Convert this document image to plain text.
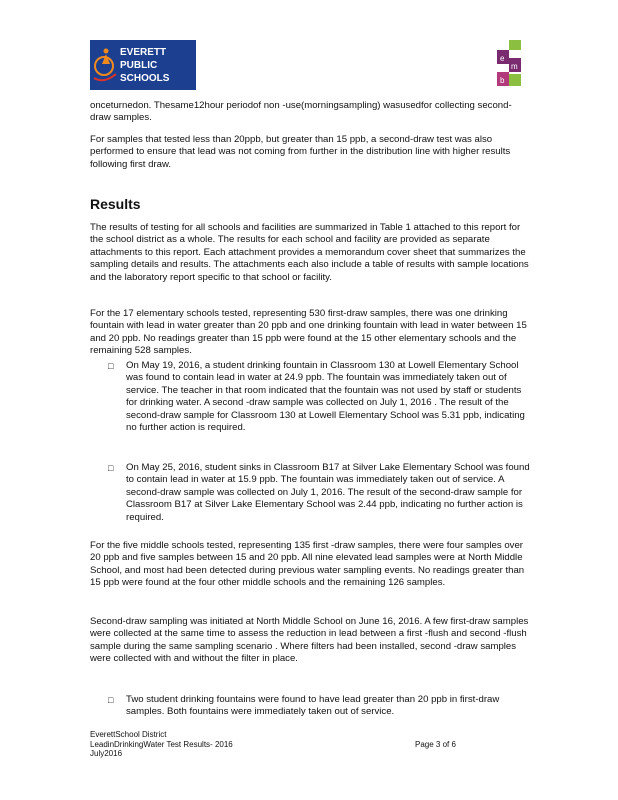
EVERETT
PUBLIC
SCHOOLS
e
m
b

onceturnedon. Thesame12hour periodof non -use(morningsampling) wasusedfor collecting second-draw samples.

For samples that tested less than 20ppb, but greater than 15 ppb, a second-draw test was also performed to ensure that lead was not coming from further in the distribution line with higher results following first draw.

Results

The results of testing for all schools and facilities are summarized in Table 1 attached to this report for the school district as a whole. The results for each school and facility are provided as separate attachments to this report. Each attachment provides a memorandum cover sheet that summarizes the sampling details and results. The attachments each also include a table of results with sample locations and the laboratory report specific to that school or facility.

For the 17 elementary schools tested, representing 530 first-draw samples, there was one drinking fountain with lead in water greater than 20 ppb and one drinking fountain with lead in water between 15 and 20 ppb. No readings greater than 15 ppb were found at the 15 other elementary schools and the remaining 528 samples.

□	On May 19, 2016, a student drinking fountain in Classroom 130 at Lowell Elementary School was found to contain lead in water at 24.9 ppb. The fountain was immediately taken out of service. The teacher in that room indicated that the fountain was not used by staff or students for drinking water. A second -draw sample was collected on July 1, 2016 . The result of the second-draw sample for Classroom 130 at Lowell Elementary School was 5.31 ppb, indicating no further action is required.
□	On May 25, 2016, student sinks in Classroom B17 at Silver Lake Elementary School was found to contain lead in water at 15.9 ppb. The fountain was immediately taken out of service. A second-draw sample was collected on July 1, 2016. The result of the second-draw sample for Classroom B17 at Silver Lake Elementary School was 2.44 ppb, indicating no further action is required.

For the five middle schools tested, representing 135 first -draw samples, there were four samples over 20 ppb and five samples between 15 and 20 ppb. All nine elevated lead samples were at North Middle School, and most had been detected during previous water sampling events. No readings greater than 15 ppb were found at the four other middle schools and the remaining 126 samples.

Second-draw sampling was initiated at North Middle School on June 16, 2016. A few first-draw samples were collected at the same time to assess the reduction in lead between a first -flush and second -flush sample during the same sampling scenario . Where filters had been installed, second -draw samples were collected with and without the filter in place.

□	Two student drinking fountains were found to have lead greater than 20 ppb in first-draw samples. Both fountains were immediately taken out of service.
EverettSchool District
LeadinDrinkingWater Test Results- 2016
July2016
Page 3 of 6
